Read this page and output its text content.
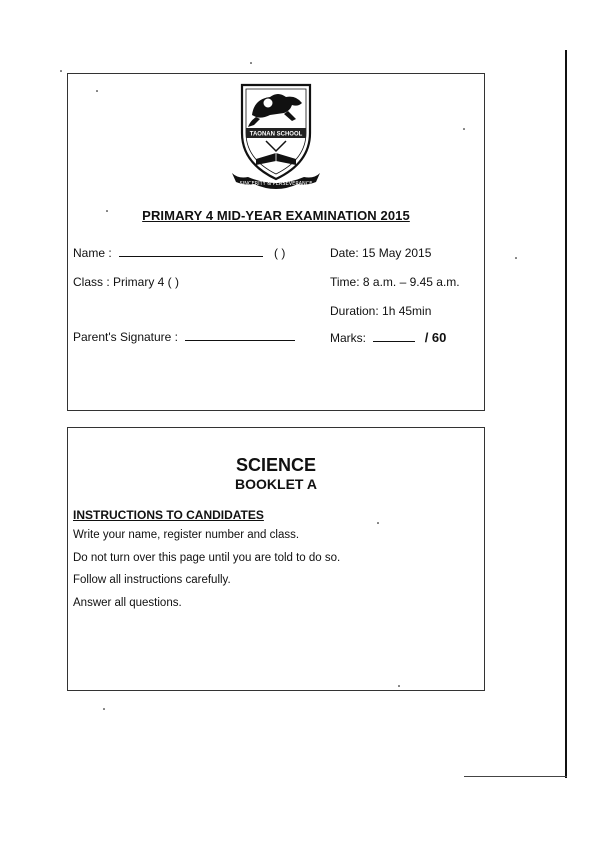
TAONAN SCHOOL
SINCERITY & PERSEVERANCE
PRIMARY 4 MID-YEAR EXAMINATION 2015
Name :	( )	Date: 15 May 2015
Class : Primary 4 ( )	Time: 8 a.m. – 9.45 a.m.
Duration: 1h 45min
Parent's Signature :	Marks:	/ 60
SCIENCE
BOOKLET A
INSTRUCTIONS TO CANDIDATES
Write your name, register number and class.
Do not turn over this page until you are told to do so.
Follow all instructions carefully.
Answer all questions.
